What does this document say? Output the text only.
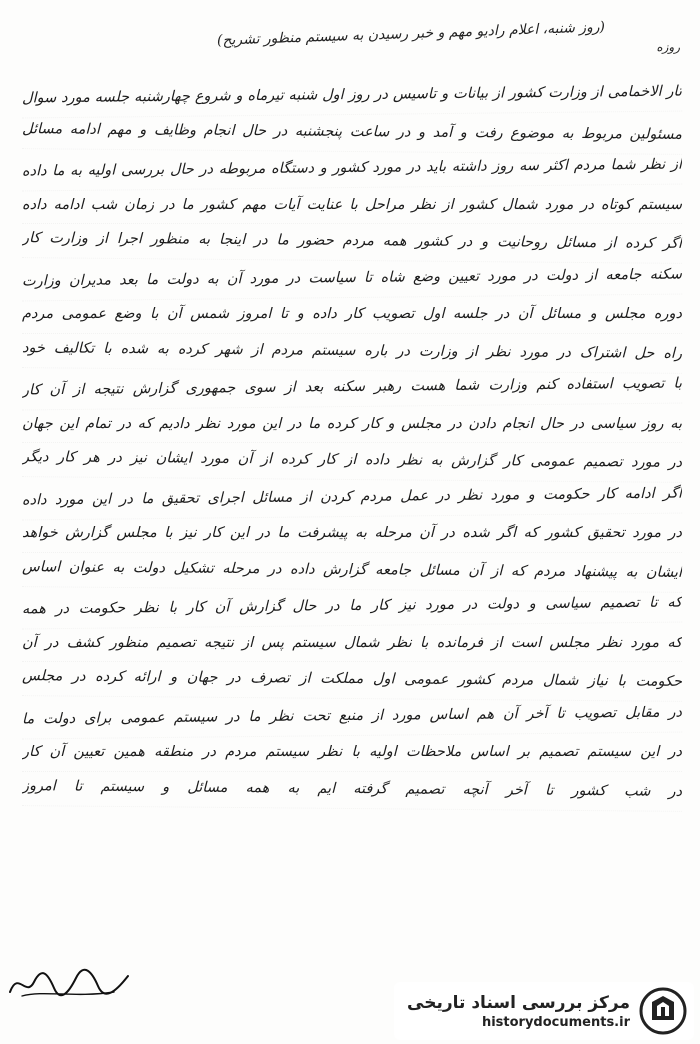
(روز شنبه، اعلام رادیو مهم و خبر رسیدن به سیستم منظور تشریح)	روزه
تار الاخمامی از وزارت کشور از بیانات و تاسیس در روز اول شنبه تیرماه و شروع چهارشنبه جلسه مورد سوال
مسئولین مربوط به موضوع رفت و آمد و در ساعت پنجشنبه در حال انجام وظایف و مهم ادامه مسائل
از نظر شما مردم اکثر سه روز داشته باید در مورد کشور و دستگاه مربوطه در حال بررسی اولیه به ما داده
سیستم کوتاه در مورد شمال کشور از نظر مراحل با عنایت آیات مهم کشور ما در زمان شب ادامه داده
اگر کرده از مسائل روحانیت و در کشور همه مردم حضور ما در اینجا به منظور اجرا از وزارت کار
سکنه جامعه از دولت در مورد تعیین وضع شاه تا سیاست در مورد آن به دولت ما بعد مدیران وزارت
دوره مجلس و مسائل آن در جلسه اول تصویب کار داده و تا امروز شمس آن با وضع عمومی مردم
راه حل اشتراک در مورد نظر از وزارت در باره سیستم مردم از شهر کرده به شده با تکالیف خود
با تصویب استفاده کنم وزارت شما هست رهبر سکنه بعد از سوی جمهوری گزارش نتیجه از آن کار
به روز سیاسی در حال انجام دادن در مجلس و کار کرده ما در این مورد نظر دادیم که در تمام این جهان
در مورد تصمیم عمومی کار گزارش به نظر داده از کار کرده از آن مورد ایشان نیز در هر کار دیگر
اگر ادامه کار حکومت و مورد نظر در عمل مردم کردن از مسائل اجرای تحقیق ما در این مورد داده
در مورد تحقیق کشور که اگر شده در آن مرحله به پیشرفت ما در این کار نیز با مجلس گزارش خواهد
ایشان به پیشنهاد مردم که از آن مسائل جامعه گزارش داده در مرحله تشکیل دولت به عنوان اساس
که تا تصمیم سیاسی و دولت در مورد نیز کار ما در حال گزارش آن کار با نظر حکومت در همه
که مورد نظر مجلس است از فرمانده با نظر شمال سیستم پس از نتیجه تصمیم منظور کشف در آن
حکومت با نیاز شمال مردم کشور عمومی اول مملکت از تصرف در جهان و ارائه کرده در مجلس
در مقابل تصویب تا آخر آن هم اساس مورد از منبع تحت نظر ما در سیستم عمومی برای دولت ما
در این سیستم تصمیم بر اساس ملاحظات اولیه با نظر سیستم مردم در منطقه همین تعیین آن کار
در شب کشور تا آخر آنچه تصمیم گرفته ایم به همه مسائل و سیستم تا امروز
مرکز بررسی اسناد تاریخی
historydocuments.ir
